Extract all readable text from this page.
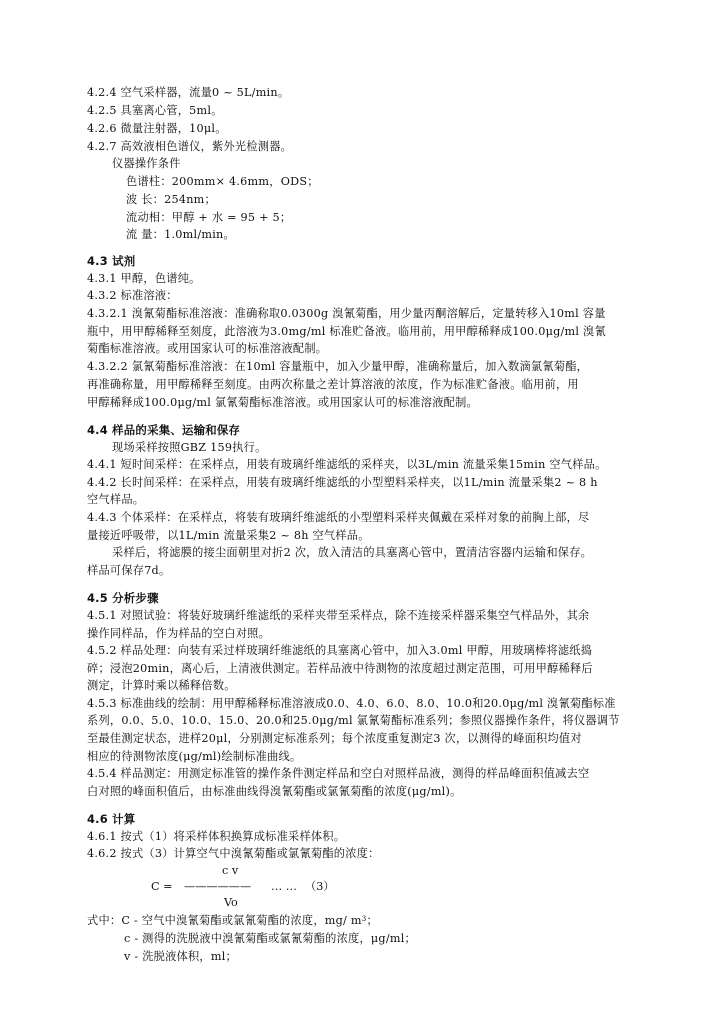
4.2.4 空气采样器，流量0 ~ 5L/min。
4.2.5 具塞离心管，5ml。
4.2.6 微量注射器，10μl。
4.2.7 高效液相色谱仪，紫外光检测器。
仪器操作条件
色谱柱：200mm× 4.6mm，ODS；
波 长：254nm；
流动相：甲醇 + 水 = 95 + 5；
流 量：1.0ml/min。
4.3 试剂
4.3.1 甲醇，色谱纯。
4.3.2 标准溶液：
4.3.2.1 溴氰菊酯标准溶液：准确称取0.0300g 溴氰菊酯，用少量丙酮溶解后，定量转移入10ml 容量
瓶中，用甲醇稀释至刻度，此溶液为3.0mg/ml 标准贮备液。临用前，用甲醇稀释成100.0μg/ml 溴氰
菊酯标准溶液。或用国家认可的标准溶液配制。
4.3.2.2 氯氰菊酯标准溶液：在10ml 容量瓶中，加入少量甲醇，准确称量后，加入数滴氯氰菊酯，
再准确称量，用甲醇稀释至刻度。由两次称量之差计算溶液的浓度，作为标准贮备液。临用前，用
甲醇稀释成100.0μg/ml 氯氰菊酯标准溶液。或用国家认可的标准溶液配制。
4.4 样品的采集、运输和保存
现场采样按照GBZ 159执行。
4.4.1 短时间采样：在采样点，用装有玻璃纤维滤纸的采样夹，以3L/min 流量采集15min 空气样品。
4.4.2 长时间采样：在采样点，用装有玻璃纤维滤纸的小型塑料采样夹，以1L/min 流量采集2 ~ 8 h
空气样品。
4.4.3 个体采样：在采样点，将装有玻璃纤维滤纸的小型塑料采样夹佩戴在采样对象的前胸上部，尽
量接近呼吸带，以1L/min 流量采集2 ~ 8h 空气样品。
采样后，将滤膜的接尘面朝里对折2 次，放入清洁的具塞离心管中，置清洁容器内运输和保存。
样品可保存7d。
4.5 分析步骤
4.5.1 对照试验：将装好玻璃纤维滤纸的采样夹带至采样点，除不连接采样器采集空气样品外，其余
操作同样品，作为样品的空白对照。
4.5.2 样品处理：向装有采过样玻璃纤维滤纸的具塞离心管中，加入3.0ml 甲醇，用玻璃棒将滤纸捣
碎；浸泡20min，离心后，上清液供测定。若样品液中待测物的浓度超过测定范围，可用甲醇稀释后
测定，计算时乘以稀释倍数。
4.5.3 标准曲线的绘制：用甲醇稀释标准溶液成0.0、4.0、6.0、8.0、10.0和20.0μg/ml 溴氰菊酯标准
系列，0.0、5.0、10.0、15.0、20.0和25.0μg/ml 氯氰菊酯标准系列；参照仪器操作条件，将仪器调节
至最佳测定状态，进样20μl，分别测定标准系列；每个浓度重复测定3 次，以测得的峰面积均值对
相应的待测物浓度(μg/ml)绘制标准曲线。
4.5.4 样品测定：用测定标准管的操作条件测定样品和空白对照样品液，测得的样品峰面积值减去空
白对照的峰面积值后，由标准曲线得溴氰菊酯或氯氰菊酯的浓度(μg/ml)。
4.6 计算
4.6.1 按式（1）将采样体积换算成标准采样体积。
4.6.2 按式（3）计算空气中溴氰菊酯或氯氰菊酯的浓度：
c v
C = —————— … … （3）
Vo
式中：C - 空气中溴氰菊酯或氯氰菊酯的浓度，mg/ $m^3$；
c - 测得的洗脱液中溴氰菊酯或氯氰菊酯的浓度，μg/ml；
v - 洗脱液体积，ml；
